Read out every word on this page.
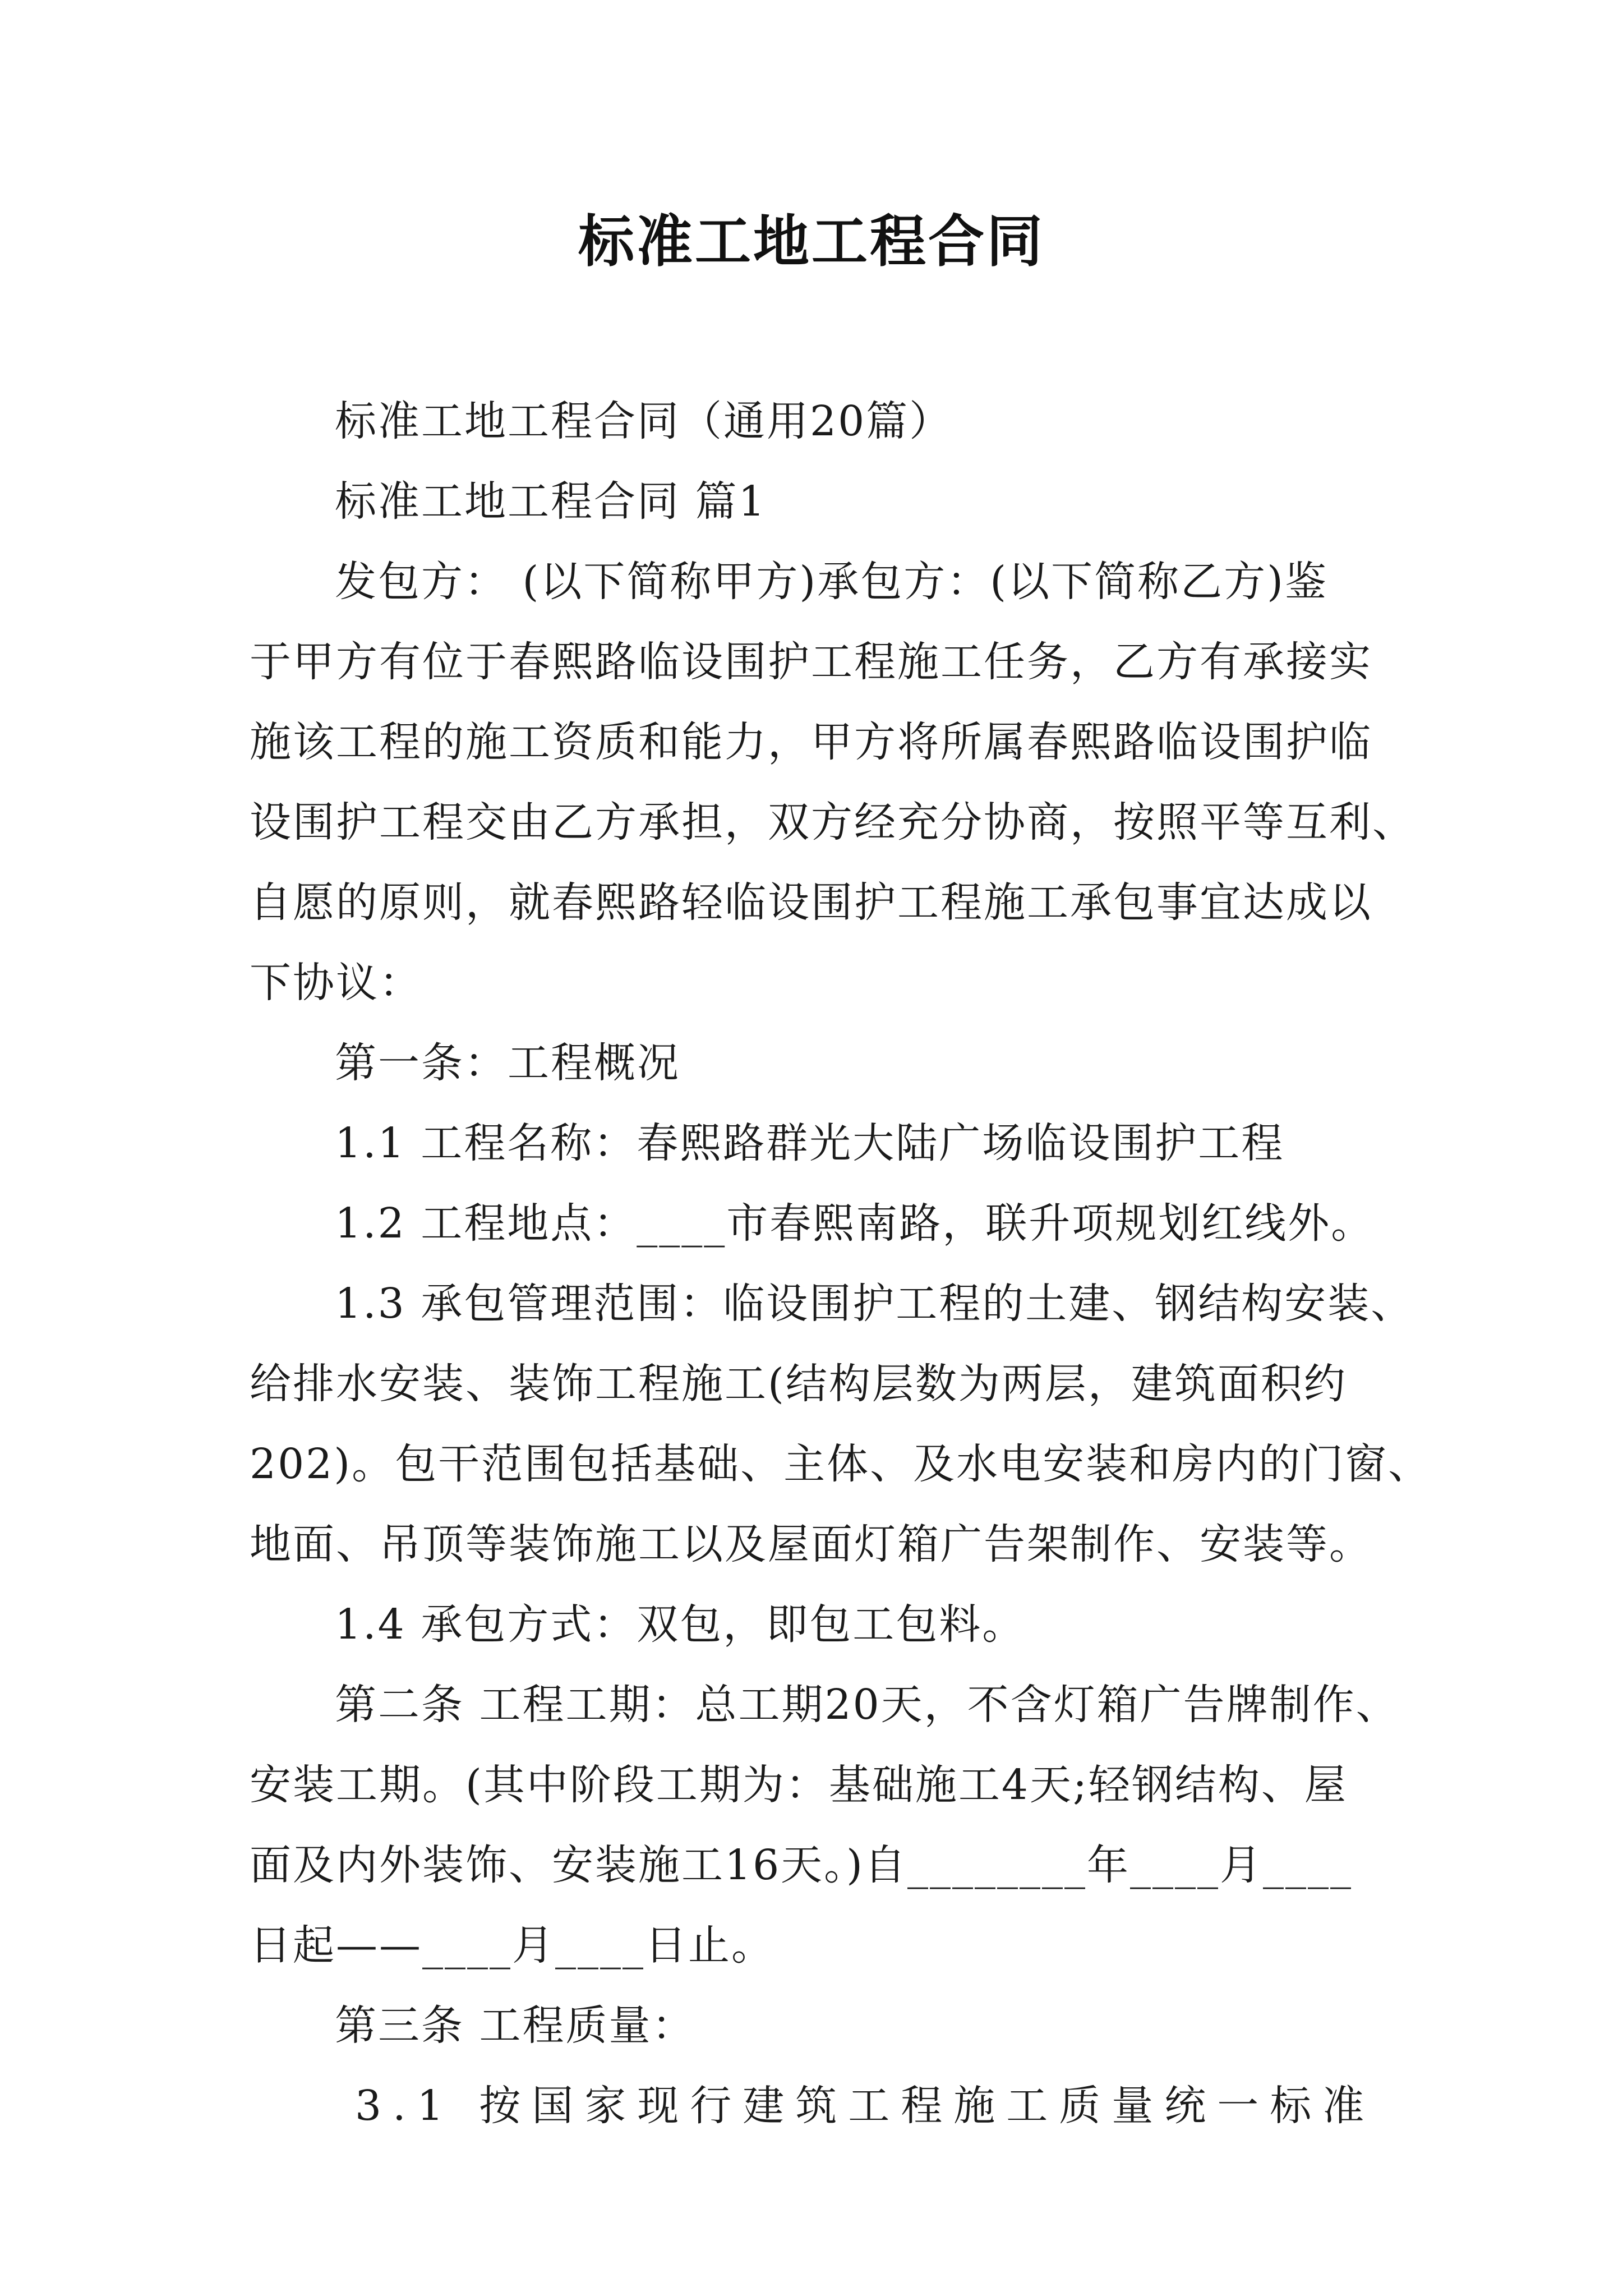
标准工地工程合同
标准工地工程合同（通用20篇）
标准工地工程合同 篇1
发包方： (以下简称甲方)承包方：(以下简称乙方)鉴
于甲方有位于春熙路临设围护工程施工任务，乙方有承接实
施该工程的施工资质和能力，甲方将所属春熙路临设围护临
设围护工程交由乙方承担，双方经充分协商，按照平等互利、
自愿的原则，就春熙路轻临设围护工程施工承包事宜达成以
下协议：
第一条：工程概况
1.1 工程名称：春熙路群光大陆广场临设围护工程
1.2 工程地点：____市春熙南路，联升项规划红线外。
1.3 承包管理范围：临设围护工程的土建、钢结构安装、
给排水安装、装饰工程施工(结构层数为两层，建筑面积约
202)。包干范围包括基础、主体、及水电安装和房内的门窗、
地面、吊顶等装饰施工以及屋面灯箱广告架制作、安装等。
1.4 承包方式：双包，即包工包料。
第二条 工程工期：总工期20天，不含灯箱广告牌制作、
安装工期。(其中阶段工期为：基础施工4天;轻钢结构、屋
面及内外装饰、安装施工16天。)自________年____月____
日起——____月____日止。
第三条 工程质量：
3.1 按国家现行建筑工程施工质量统一标准
